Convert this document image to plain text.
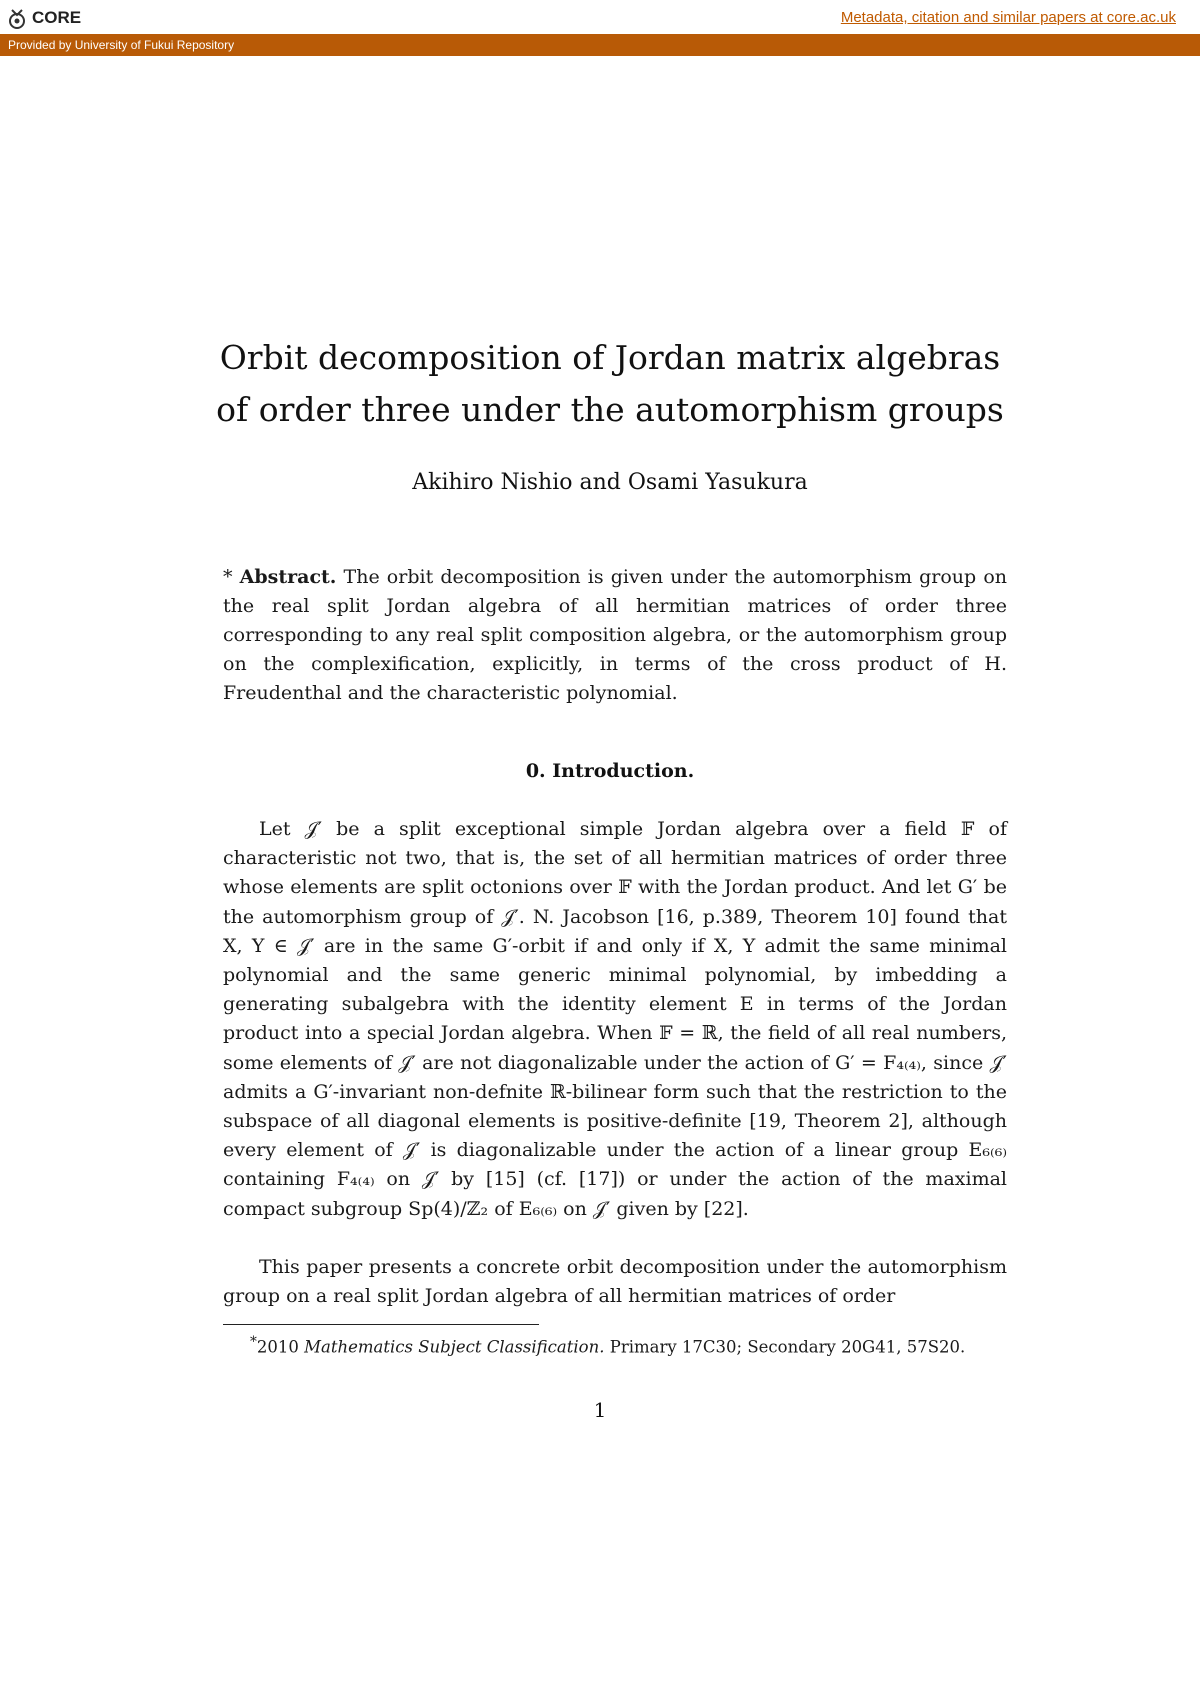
CORE	Metadata, citation and similar papers at core.ac.uk
Provided by University of Fukui Repository
Orbit decomposition of Jordan matrix algebras
of order three under the automorphism groups
Akihiro Nishio and Osami Yasukura
* Abstract. The orbit decomposition is given under the automorphism group on the real split Jordan algebra of all hermitian matrices of order three corresponding to any real split composition algebra, or the automorphism group on the complexification, explicitly, in terms of the cross product of H. Freudenthal and the characteristic polynomial.
0. Introduction.
Let 𝒥′ be a split exceptional simple Jordan algebra over a field 𝔽 of characteristic not two, that is, the set of all hermitian matrices of order three whose elements are split octonions over 𝔽 with the Jordan product. And let G′ be the automorphism group of 𝒥′. N. Jacobson [16, p.389, Theorem 10] found that X, Y ∈ 𝒥′ are in the same G′-orbit if and only if X, Y admit the same minimal polynomial and the same generic minimal polynomial, by imbedding a generating subalgebra with the identity element E in terms of the Jordan product into a special Jordan algebra. When 𝔽 = ℝ, the field of all real numbers, some elements of 𝒥′ are not diagonalizable under the action of G′ = F₄₍₄₎, since 𝒥′ admits a G′-invariant non-defnite ℝ-bilinear form such that the restriction to the subspace of all diagonal elements is positive-definite [19, Theorem 2], although every element of 𝒥′ is diagonalizable under the action of a linear group E₆₍₆₎ containing F₄₍₄₎ on 𝒥′ by [15] (cf. [17]) or under the action of the maximal compact subgroup Sp(4)/ℤ₂ of E₆₍₆₎ on 𝒥′ given by [22].
This paper presents a concrete orbit decomposition under the automorphism group on a real split Jordan algebra of all hermitian matrices of order
*2010 Mathematics Subject Classification. Primary 17C30; Secondary 20G41, 57S20.
1
